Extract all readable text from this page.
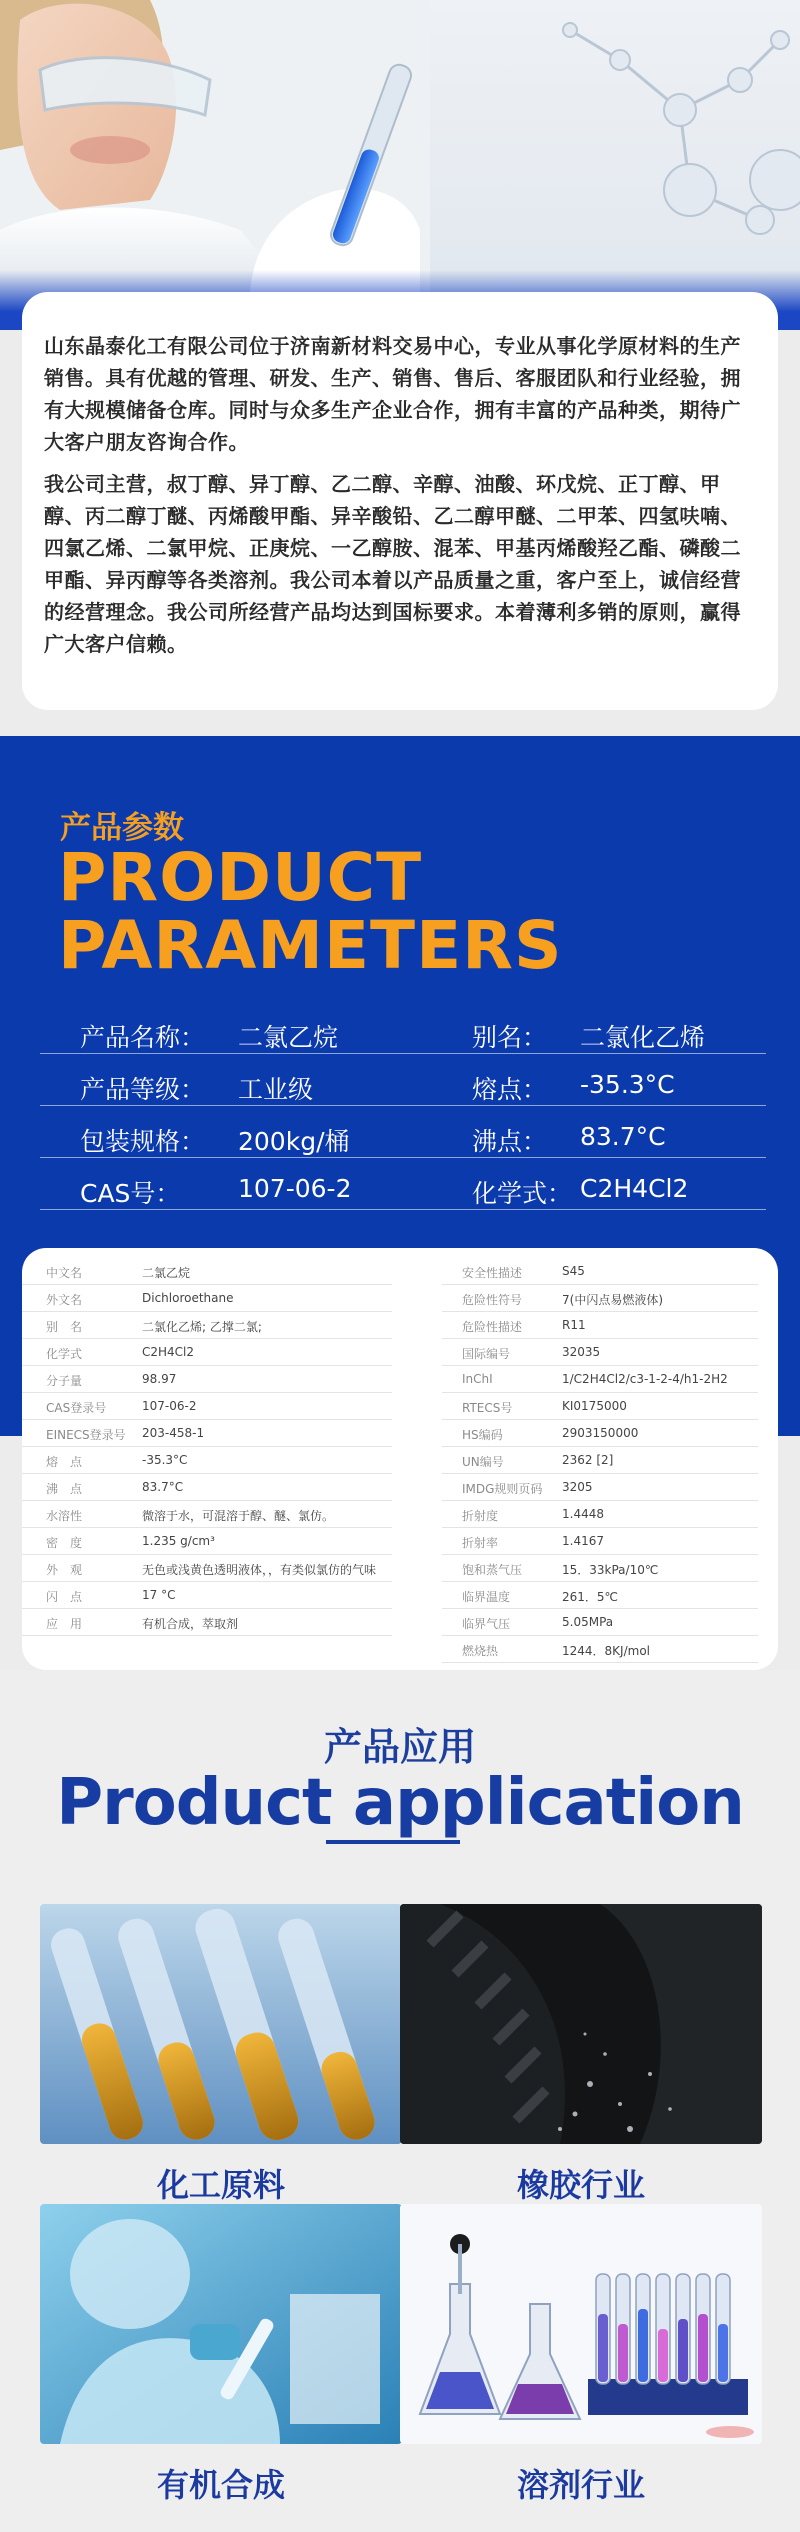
山东晶泰化工有限公司位于济南新材料交易中心，专业从事化学原材料的生产销售。具有优越的管理、研发、生产、销售、售后、客服团队和行业经验，拥有大规模储备仓库。同时与众多生产企业合作，拥有丰富的产品种类，期待广大客户朋友咨询合作。

我公司主营，叔丁醇、异丁醇、乙二醇、辛醇、油酸、环戊烷、正丁醇、甲醇、丙二醇丁醚、丙烯酸甲酯、异辛酸铅、乙二醇甲醚、二甲苯、四氢呋喃、四氯乙烯、二氯甲烷、正庚烷、一乙醇胺、混苯、甲基丙烯酸羟乙酯、磷酸二甲酯、异丙醇等各类溶剂。我公司本着以产品质量之重，客户至上，诚信经营的经营理念。我公司所经营产品均达到国标要求。本着薄利多销的原则，赢得广大客户信赖。

产品参数
PRODUCT
PARAMETERS
产品名称： 二氯乙烷	别名： 二氯化乙烯
产品等级： 工业级	熔点： -35.3°C
包装规格： 200kg/桶	沸点： 83.7°C
CAS号： 107-06-2	化学式： C2H4Cl2
中文名	二氯乙烷
外文名	Dichloroethane
别　名	二氯化乙烯; 乙撑二氯;
化学式	C2H4Cl2
分子量	98.97
CAS登录号	107-06-2
EINECS登录号 203-458-1
熔　点	-35.3°C
沸　点	83.7°C
水溶性	微溶于水，可混溶于醇、醚、氯仿。
密　度	1.235 g/cm³
外　观	无色或浅黄色透明液体，，有类似氯仿的气味
闪　点	17 °C
应　用	有机合成，萃取剂
安全性描述	S45
危险性符号	7(中闪点易燃液体)
危险性描述	R11
国际编号	32035
InChI	1/C2H4Cl2/c3-1-2-4/h1-2H2
RTECS号	KI0175000
HS编码	2903150000
UN编号	2362 [2]
IMDG规则页码 3205
折射度	1.4448
折射率	1.4167
饱和蒸气压	15．33kPa/10℃
临界温度	261．5℃
临界气压	5.05MPa
燃烧热	1244．8KJ/mol
产品应用
Product application
化工原料	橡胶行业
有机合成	溶剂行业
